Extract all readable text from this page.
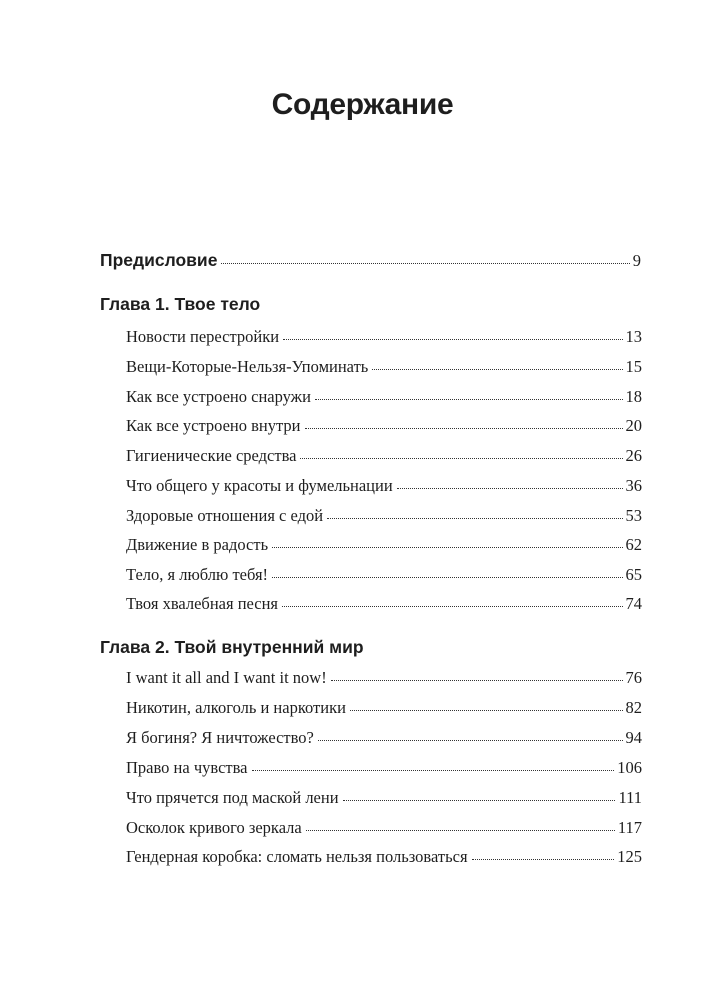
Содержание
Предисловие	9
Глава 1. Твое тело
Новости перестройки	13
Вещи-Которые-Нельзя-Упоминать	15
Как все устроено снаружи	18
Как все устроено внутри	20
Гигиенические средства	26
Что общего у красоты и фумельнации	36
Здоровые отношения с едой	53
Движение в радость	62
Тело, я люблю тебя!	65
Твоя хвалебная песня	74
Глава 2. Твой внутренний мир
I want it all and I want it now!	76
Никотин, алкоголь и наркотики	82
Я богиня? Я ничтожество?	94
Право на чувства	106
Что прячется под маской лени	111
Осколок кривого зеркала	117
Гендерная коробка: сломать нельзя пользоваться	125
